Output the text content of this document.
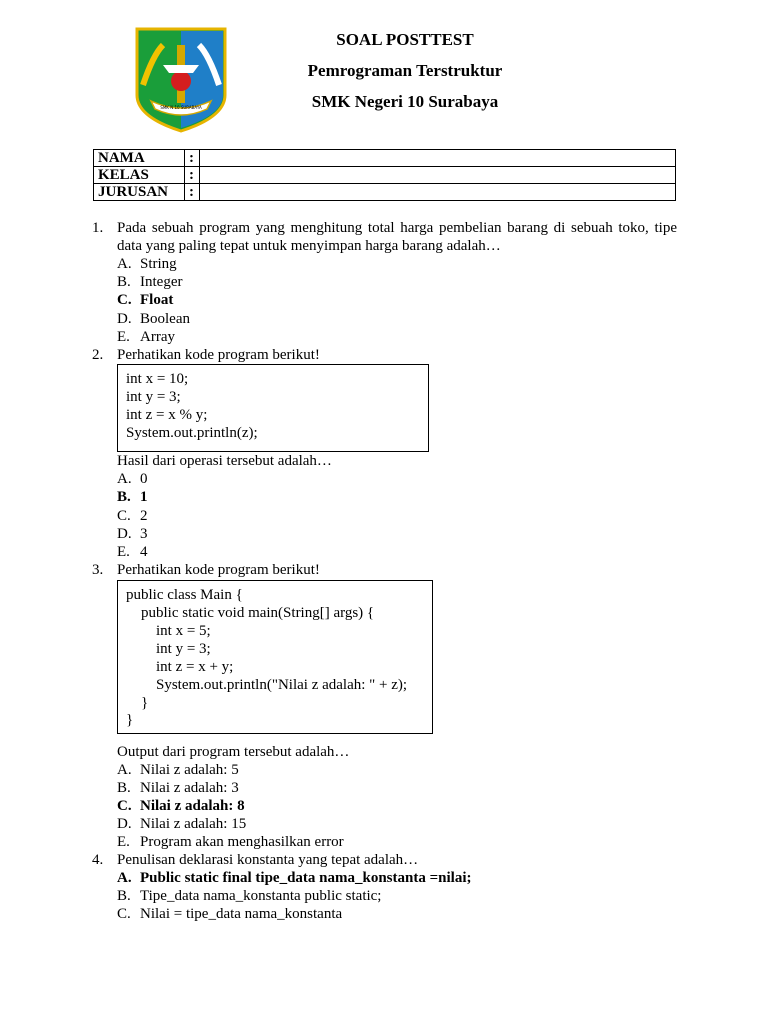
SMK N 10 SURABAYA
SOAL POSTTEST
Pemrograman Terstruktur
SMK Negeri 10 Surabaya
NAMA	:	
KELAS	:	
JURUSAN	:	
1. Pada sebuah program yang menghitung total harga pembelian barang di sebuah toko, tipe data yang paling tepat untuk menyimpan harga barang adalah…
A. String
B. Integer
C. Float
D. Boolean
E. Array
2. Perhatikan kode program berikut!
int x = 10;
int y = 3;
int z = x % y;
System.out.println(z);
Hasil dari operasi tersebut adalah…
A. 0
B. 1
C. 2
D. 3
E. 4
3. Perhatikan kode program berikut!
public class Main {
public static void main(String[] args) {
int x = 5;
int y = 3;
int z = x + y;
System.out.println("Nilai z adalah: " + z);
}
}
Output dari program tersebut adalah…
A. Nilai z adalah: 5
B. Nilai z adalah: 3
C. Nilai z adalah: 8
D. Nilai z adalah: 15
E. Program akan menghasilkan error
4. Penulisan deklarasi konstanta yang tepat adalah…
A. Public static final tipe_data nama_konstanta =nilai;
B. Tipe_data nama_konstanta public static;
C. Nilai = tipe_data nama_konstanta
